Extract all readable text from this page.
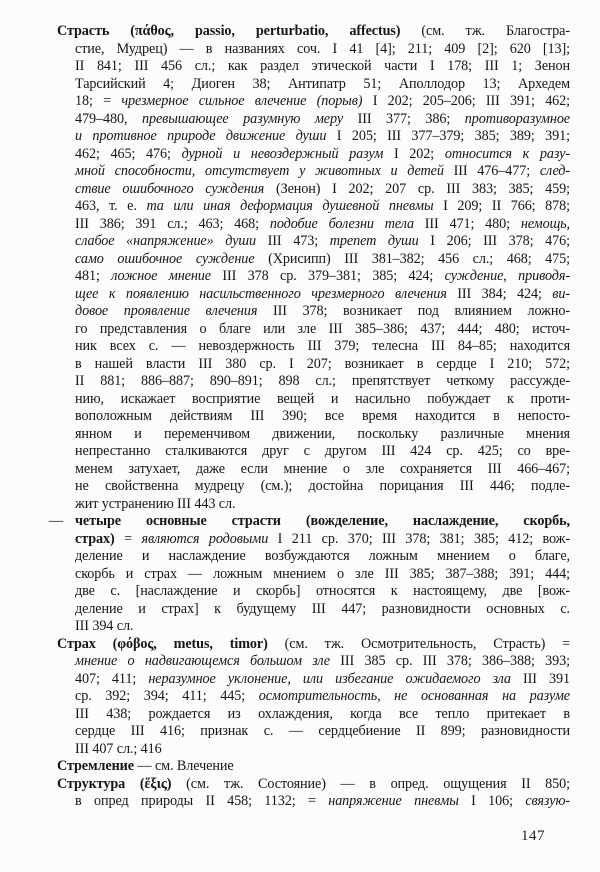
Страсть (πάθος, passio, perturbatio, affectus) (см. тж. Благостра-
стие, Мудрец) — в названиях соч. I 41 [4]; 211; 409 [2]; 620 [13];
II 841; III 456 сл.; как раздел этической части I 178; III 1; Зенон
Тарсийский 4; Диоген 38; Антипатр 51; Аполлодор 13; Архедем
18; = чрезмерное сильное влечение (порыв) I 202; 205–206; III 391; 462;
479–480, превышающее разумную меру III 377; 386; противоразумное
и противное природе движение души I 205; III 377–379; 385; 389; 391;
462; 465; 476; дурной и невоздержный разум I 202; относится к разу-
мной способности, отсутствует у животных и детей III 476–477; след-
ствие ошибочного суждения (Зенон) I 202; 207 ср. III 383; 385; 459;
463, т. е. та или иная деформация душевной пневмы I 209; II 766; 878;
III 386; 391 сл.; 463; 468; подобие болезни тела III 471; 480; немощь,
слабое «напряжение» души III 473; трепет души I 206; III 378; 476;
само ошибочное суждение (Хрисипп) III 381–382; 456 сл.; 468; 475;
481; ложное мнение III 378 ср. 379–381; 385; 424; суждение, приводя-
щее к появлению насильственного чрезмерного влечения III 384; 424; ви-
довое проявление влечения III 378; возникает под влиянием ложно-
го представления о благе или зле III 385–386; 437; 444; 480; источ-
ник всех с. — невоздержность III 379; телесна III 84–85; находится
в нашей власти III 380 ср. I 207; возникает в сердце I 210; 572;
II 881; 886–887; 890–891; 898 сл.; препятствует четкому рассужде-
нию, искажает восприятие вещей и насильно побуждает к проти-
воположным действиям III 390; все время находится в непосто-
янном и переменчивом движении, поскольку различные мнения
непрестанно сталкиваются друг с другом III 424 ср. 425; со вре-
менем затухает, даже если мнение о зле сохраняется III 466–467;
не свойственна мудрецу (см.); достойна порицания III 446; подле-
жит устранению III 443 сл.
— четыре основные страсти (вожделение, наслаждение, скорбь,
страх) = являются родовыми I 211 ср. 370; III 378; 381; 385; 412; вож-
деление и наслаждение возбуждаются ложным мнением о благе,
скорбь и страх — ложным мнением о зле III 385; 387–388; 391; 444;
две с. [наслаждение и скорбь] относятся к настоящему, две [вож-
деление и страх] к будущему III 447; разновидности основных с.
III 394 сл.
Страх (φόβος, metus, timor) (см. тж. Осмотрительность, Страсть) =
мнение о надвигающемся большом зле III 385 ср. III 378; 386–388; 393;
407; 411; неразумное уклонение, или избегание ожидаемого зла III 391
ср. 392; 394; 411; 445; осмотрительность, не основанная на разуме
III 438; рождается из охлаждения, когда все тепло притекает в
сердце III 416; признак с. — сердцебиение II 899; разновидности
III 407 сл.; 416
Стремление — см. Влечение
Структура (ἕξις) (см. тж. Состояние) — в опред. ощущения II 850;
в опред природы II 458; 1132; = напряжение пневмы I 106; связую-
147
